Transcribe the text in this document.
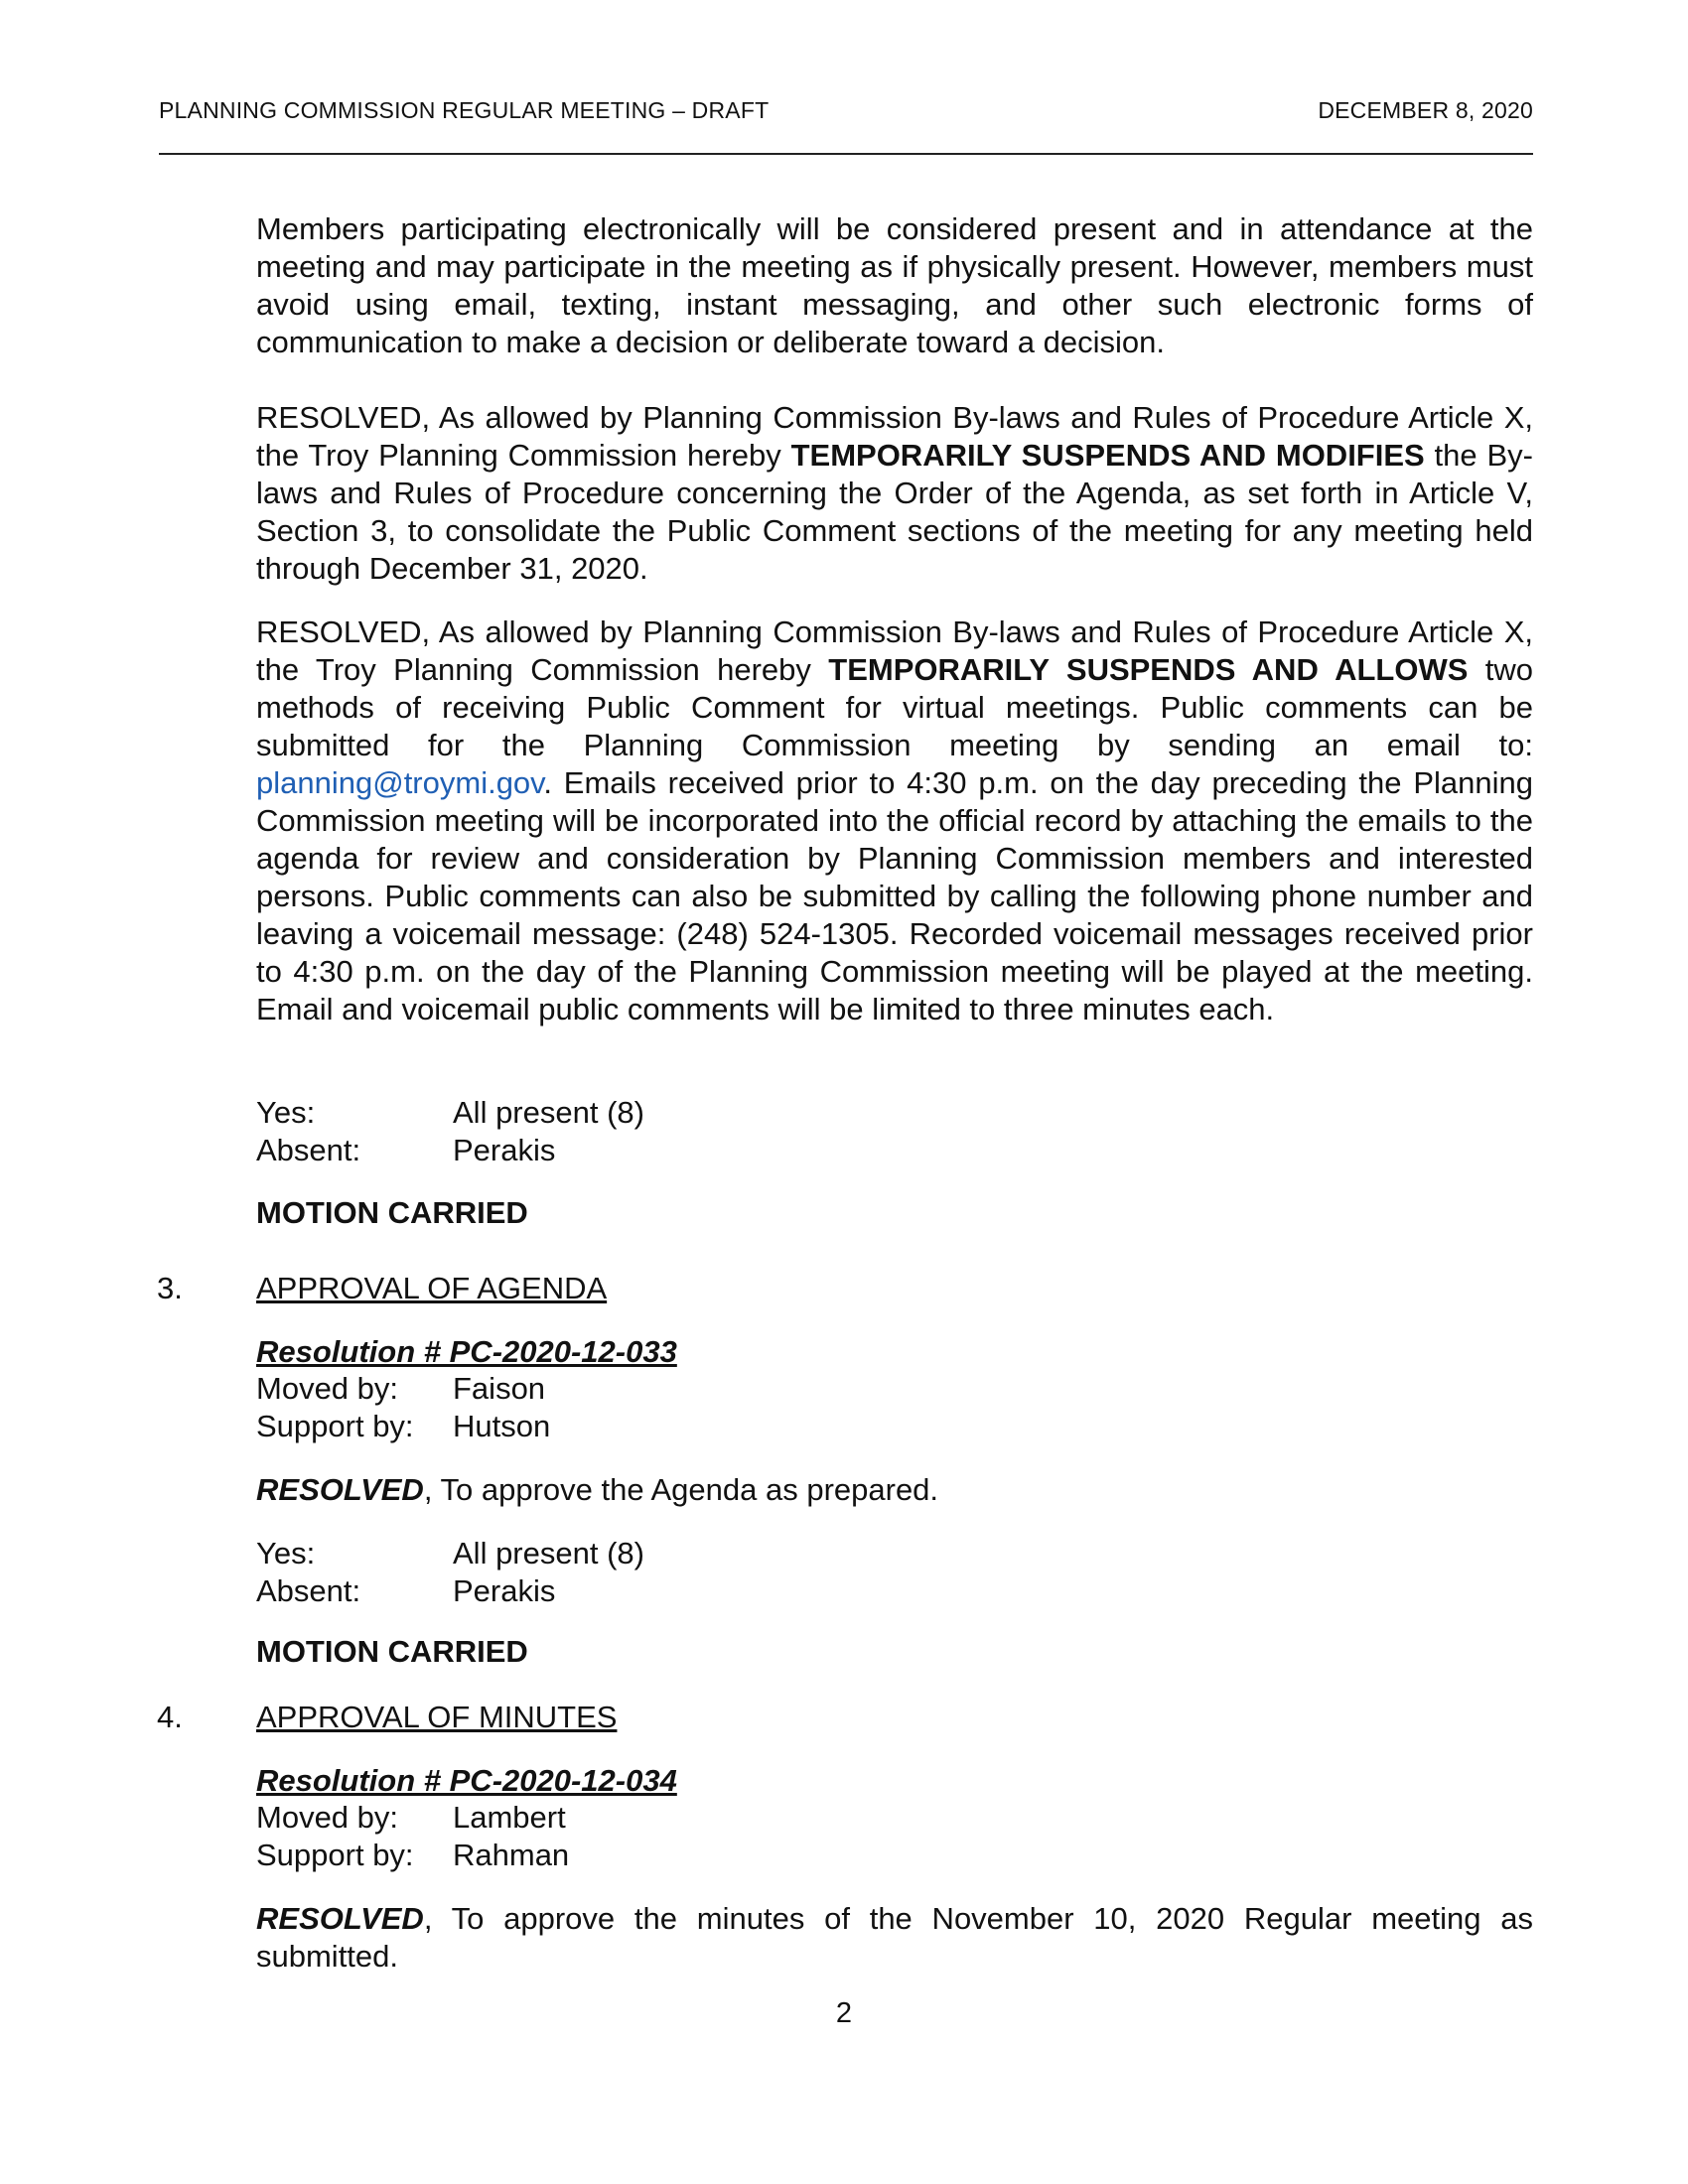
PLANNING COMMISSION REGULAR MEETING – DRAFT	DECEMBER 8, 2020

Members participating electronically will be considered present and in attendance at the meeting and may participate in the meeting as if physically present. However, members must avoid using email, texting, instant messaging, and other such electronic forms of communication to make a decision or deliberate toward a decision.

RESOLVED, As allowed by Planning Commission By-laws and Rules of Procedure Article X, the Troy Planning Commission hereby TEMPORARILY SUSPENDS AND MODIFIES the By-laws and Rules of Procedure concerning the Order of the Agenda, as set forth in Article V, Section 3, to consolidate the Public Comment sections of the meeting for any meeting held through December 31, 2020.

RESOLVED, As allowed by Planning Commission By-laws and Rules of Procedure Article X, the Troy Planning Commission hereby TEMPORARILY SUSPENDS AND ALLOWS two methods of receiving Public Comment for virtual meetings. Public comments can be submitted for the Planning Commission meeting by sending an email to: planning@troymi.gov. Emails received prior to 4:30 p.m. on the day preceding the Planning Commission meeting will be incorporated into the official record by attaching the emails to the agenda for review and consideration by Planning Commission members and interested persons. Public comments can also be submitted by calling the following phone number and leaving a voicemail message: (248) 524-1305. Recorded voicemail messages received prior to 4:30 p.m. on the day of the Planning Commission meeting will be played at the meeting. Email and voicemail public comments will be limited to three minutes each.

Yes:	All present (8)
Absent:	Perakis
MOTION CARRIED
3. APPROVAL OF AGENDA
Resolution # PC-2020-12-033
Moved by: Faison
Support by: Hutson
RESOLVED, To approve the Agenda as prepared.
Yes:	All present (8)
Absent:	Perakis
MOTION CARRIED
4. APPROVAL OF MINUTES
Resolution # PC-2020-12-034
Moved by: Lambert
Support by: Rahman
RESOLVED, To approve the minutes of the November 10, 2020 Regular meeting as submitted.
2
